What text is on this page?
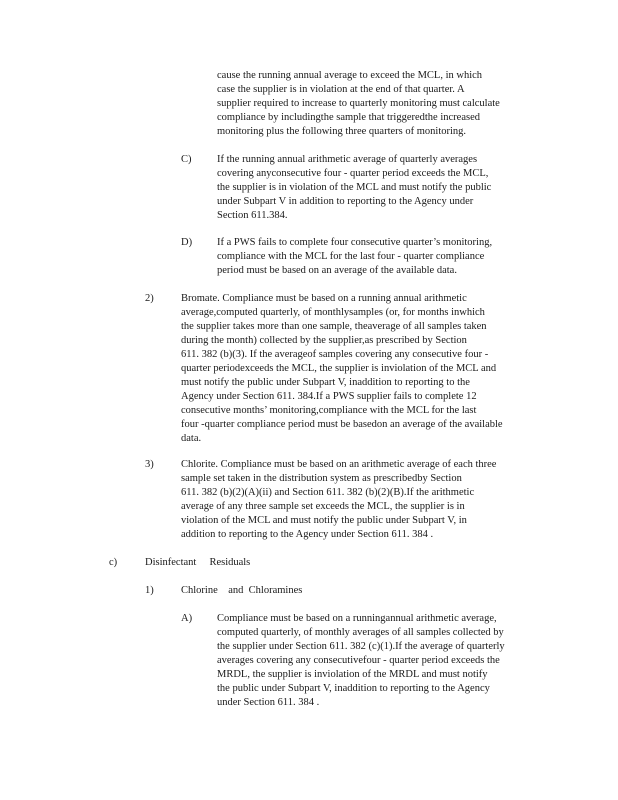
cause the running annual average to exceed the MCL, in which
case the supplier is in violation at the end of that quarter. A
supplier required to increase to quarterly monitoring must calculate
compliance by includingthe sample that triggeredthe increased
monitoring plus the following three quarters of monitoring.
C) If the running annual arithmetic average of quarterly averages
covering anyconsecutive four - quarter period exceeds the MCL,
the supplier is in violation of the MCL and must notify the public
under Subpart V in addition to reporting to the Agency under
Section 611.384.
D) If a PWS fails to complete four consecutive quarter’s monitoring,
compliance with the MCL for the last four - quarter compliance
period must be based on an average of the available data.
2)	Bromate. Compliance must be based on a running annual arithmetic
average,computed quarterly, of monthlysamples (or, for months inwhich
the supplier takes more than one sample, theaverage of all samples taken
during the month) collected by the supplier,as prescribed by Section
611. 382 (b)(3). If the averageof samples covering any consecutive four -
quarter periodexceeds the MCL, the supplier is inviolation of the MCL and
must notify the public under Subpart V, inaddition to reporting to the
Agency under Section 611. 384.If a PWS supplier fails to complete 12
consecutive months’ monitoring,compliance with the MCL for the last
four -quarter compliance period must be basedon an average of the available
data.
3)	Chlorite. Compliance must be based on an arithmetic average of each three
sample set taken in the distribution system as prescribedby Section
611. 382 (b)(2)(A)(ii) and Section 611. 382 (b)(2)(B).If the arithmetic
average of any three sample set exceeds the MCL, the supplier is in
violation of the MCL and must notify the public under Subpart V, in
addition to reporting to the Agency under Section 611. 384 .
c)	Disinfectant     Residuals
1)	Chlorine    and  Chloramines
A) Compliance must be based on a runningannual arithmetic average,
computed quarterly, of monthly averages of all samples collected by
the supplier under Section 611. 382 (c)(1).If the average of quarterly
averages covering any consecutivefour - quarter period exceeds the
MRDL, the supplier is inviolation of the MRDL and must notify
the public under Subpart V, inaddition to reporting to the Agency
under Section 611. 384 .
